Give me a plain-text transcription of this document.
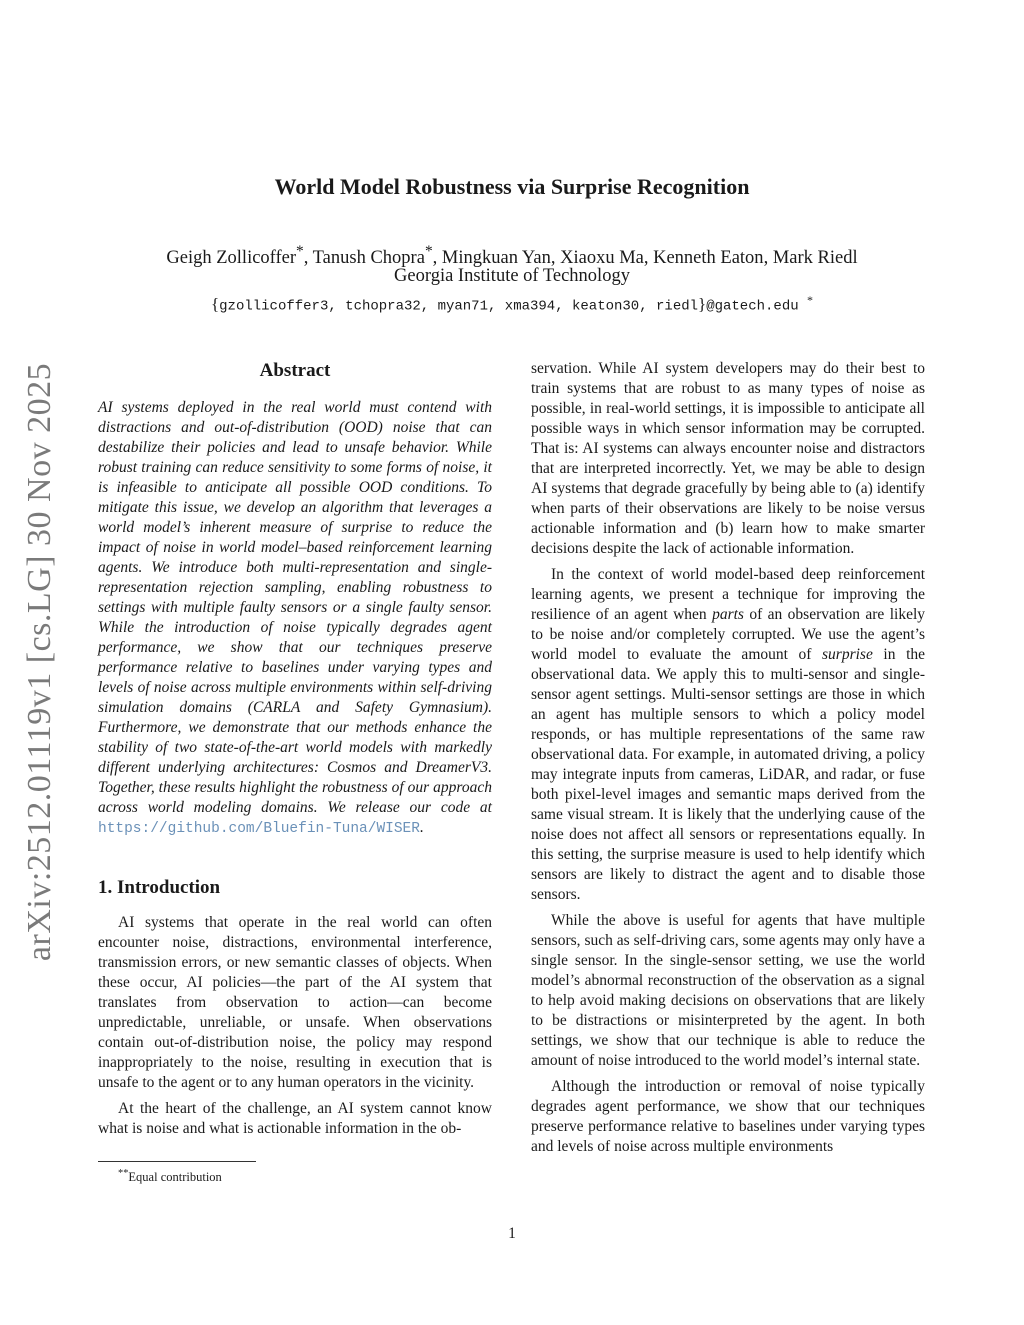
arXiv:2512.01119v1 [cs.LG] 30 Nov 2025
World Model Robustness via Surprise Recognition
Geigh Zollicoffer*, Tanush Chopra*, Mingkuan Yan, Xiaoxu Ma, Kenneth Eaton, Mark Riedl
Georgia Institute of Technology
{gzollicoffer3, tchopra32, myan71, xma394, keaton30, riedl}@gatech.edu *
Abstract

AI systems deployed in the real world must contend with distractions and out-of-distribution (OOD) noise that can destabilize their policies and lead to unsafe behavior. While robust training can reduce sensitivity to some forms of noise, it is infeasible to anticipate all possible OOD conditions. To mitigate this issue, we develop an algorithm that leverages a world model’s inherent measure of surprise to reduce the impact of noise in world model–based reinforcement learning agents. We introduce both multi-representation and single-representation rejection sampling, enabling robustness to settings with multiple faulty sensors or a single faulty sensor. While the introduction of noise typically degrades agent performance, we show that our techniques preserve performance relative to baselines under varying types and levels of noise across multiple environments within self-driving simulation domains (CARLA and Safety Gymnasium). Furthermore, we demonstrate that our methods enhance the stability of two state-of-the-art world models with markedly different underlying architectures: Cosmos and DreamerV3. Together, these results highlight the robustness of our approach across world modeling domains. We release our code at https://github.com/Bluefin-Tuna/WISER.

1. Introduction

AI systems that operate in the real world can often encounter noise, distractions, environmental interference, transmission errors, or new semantic classes of objects. When these occur, AI policies—the part of the AI system that translates from observation to action—can become unpredictable, unreliable, or unsafe. When observations contain out-of-distribution noise, the policy may respond inappropriately to the noise, resulting in execution that is unsafe to the agent or to any human operators in the vicinity.

At the heart of the challenge, an AI system cannot know what is noise and what is actionable information in the ob-

**Equal contribution

servation. While AI system developers may do their best to train systems that are robust to as many types of noise as possible, in real-world settings, it is impossible to anticipate all possible ways in which sensor information may be corrupted. That is: AI systems can always encounter noise and distractors that are interpreted incorrectly. Yet, we may be able to design AI systems that degrade gracefully by being able to (a) identify when parts of their observations are likely to be noise versus actionable information and (b) learn how to make smarter decisions despite the lack of actionable information.

In the context of world model-based deep reinforcement learning agents, we present a technique for improving the resilience of an agent when parts of an observation are likely to be noise and/or completely corrupted. We use the agent’s world model to evaluate the amount of surprise in the observational data. We apply this to multi-sensor and single-sensor agent settings. Multi-sensor settings are those in which an agent has multiple sensors to which a policy model responds, or has multiple representations of the same raw observational data. For example, in automated driving, a policy may integrate inputs from cameras, LiDAR, and radar, or fuse both pixel-level images and semantic maps derived from the same visual stream. It is likely that the underlying cause of the noise does not affect all sensors or representations equally. In this setting, the surprise measure is used to help identify which sensors are likely to distract the agent and to disable those sensors.

While the above is useful for agents that have multiple sensors, such as self-driving cars, some agents may only have a single sensor. In the single-sensor setting, we use the world model’s abnormal reconstruction of the observation as a signal to help avoid making decisions on observations that are likely to be distractions or misinterpreted by the agent. In both settings, we show that our technique is able to reduce the amount of noise introduced to the world model’s internal state.

Although the introduction or removal of noise typically degrades agent performance, we show that our techniques preserve performance relative to baselines under varying types and levels of noise across multiple environments

1
